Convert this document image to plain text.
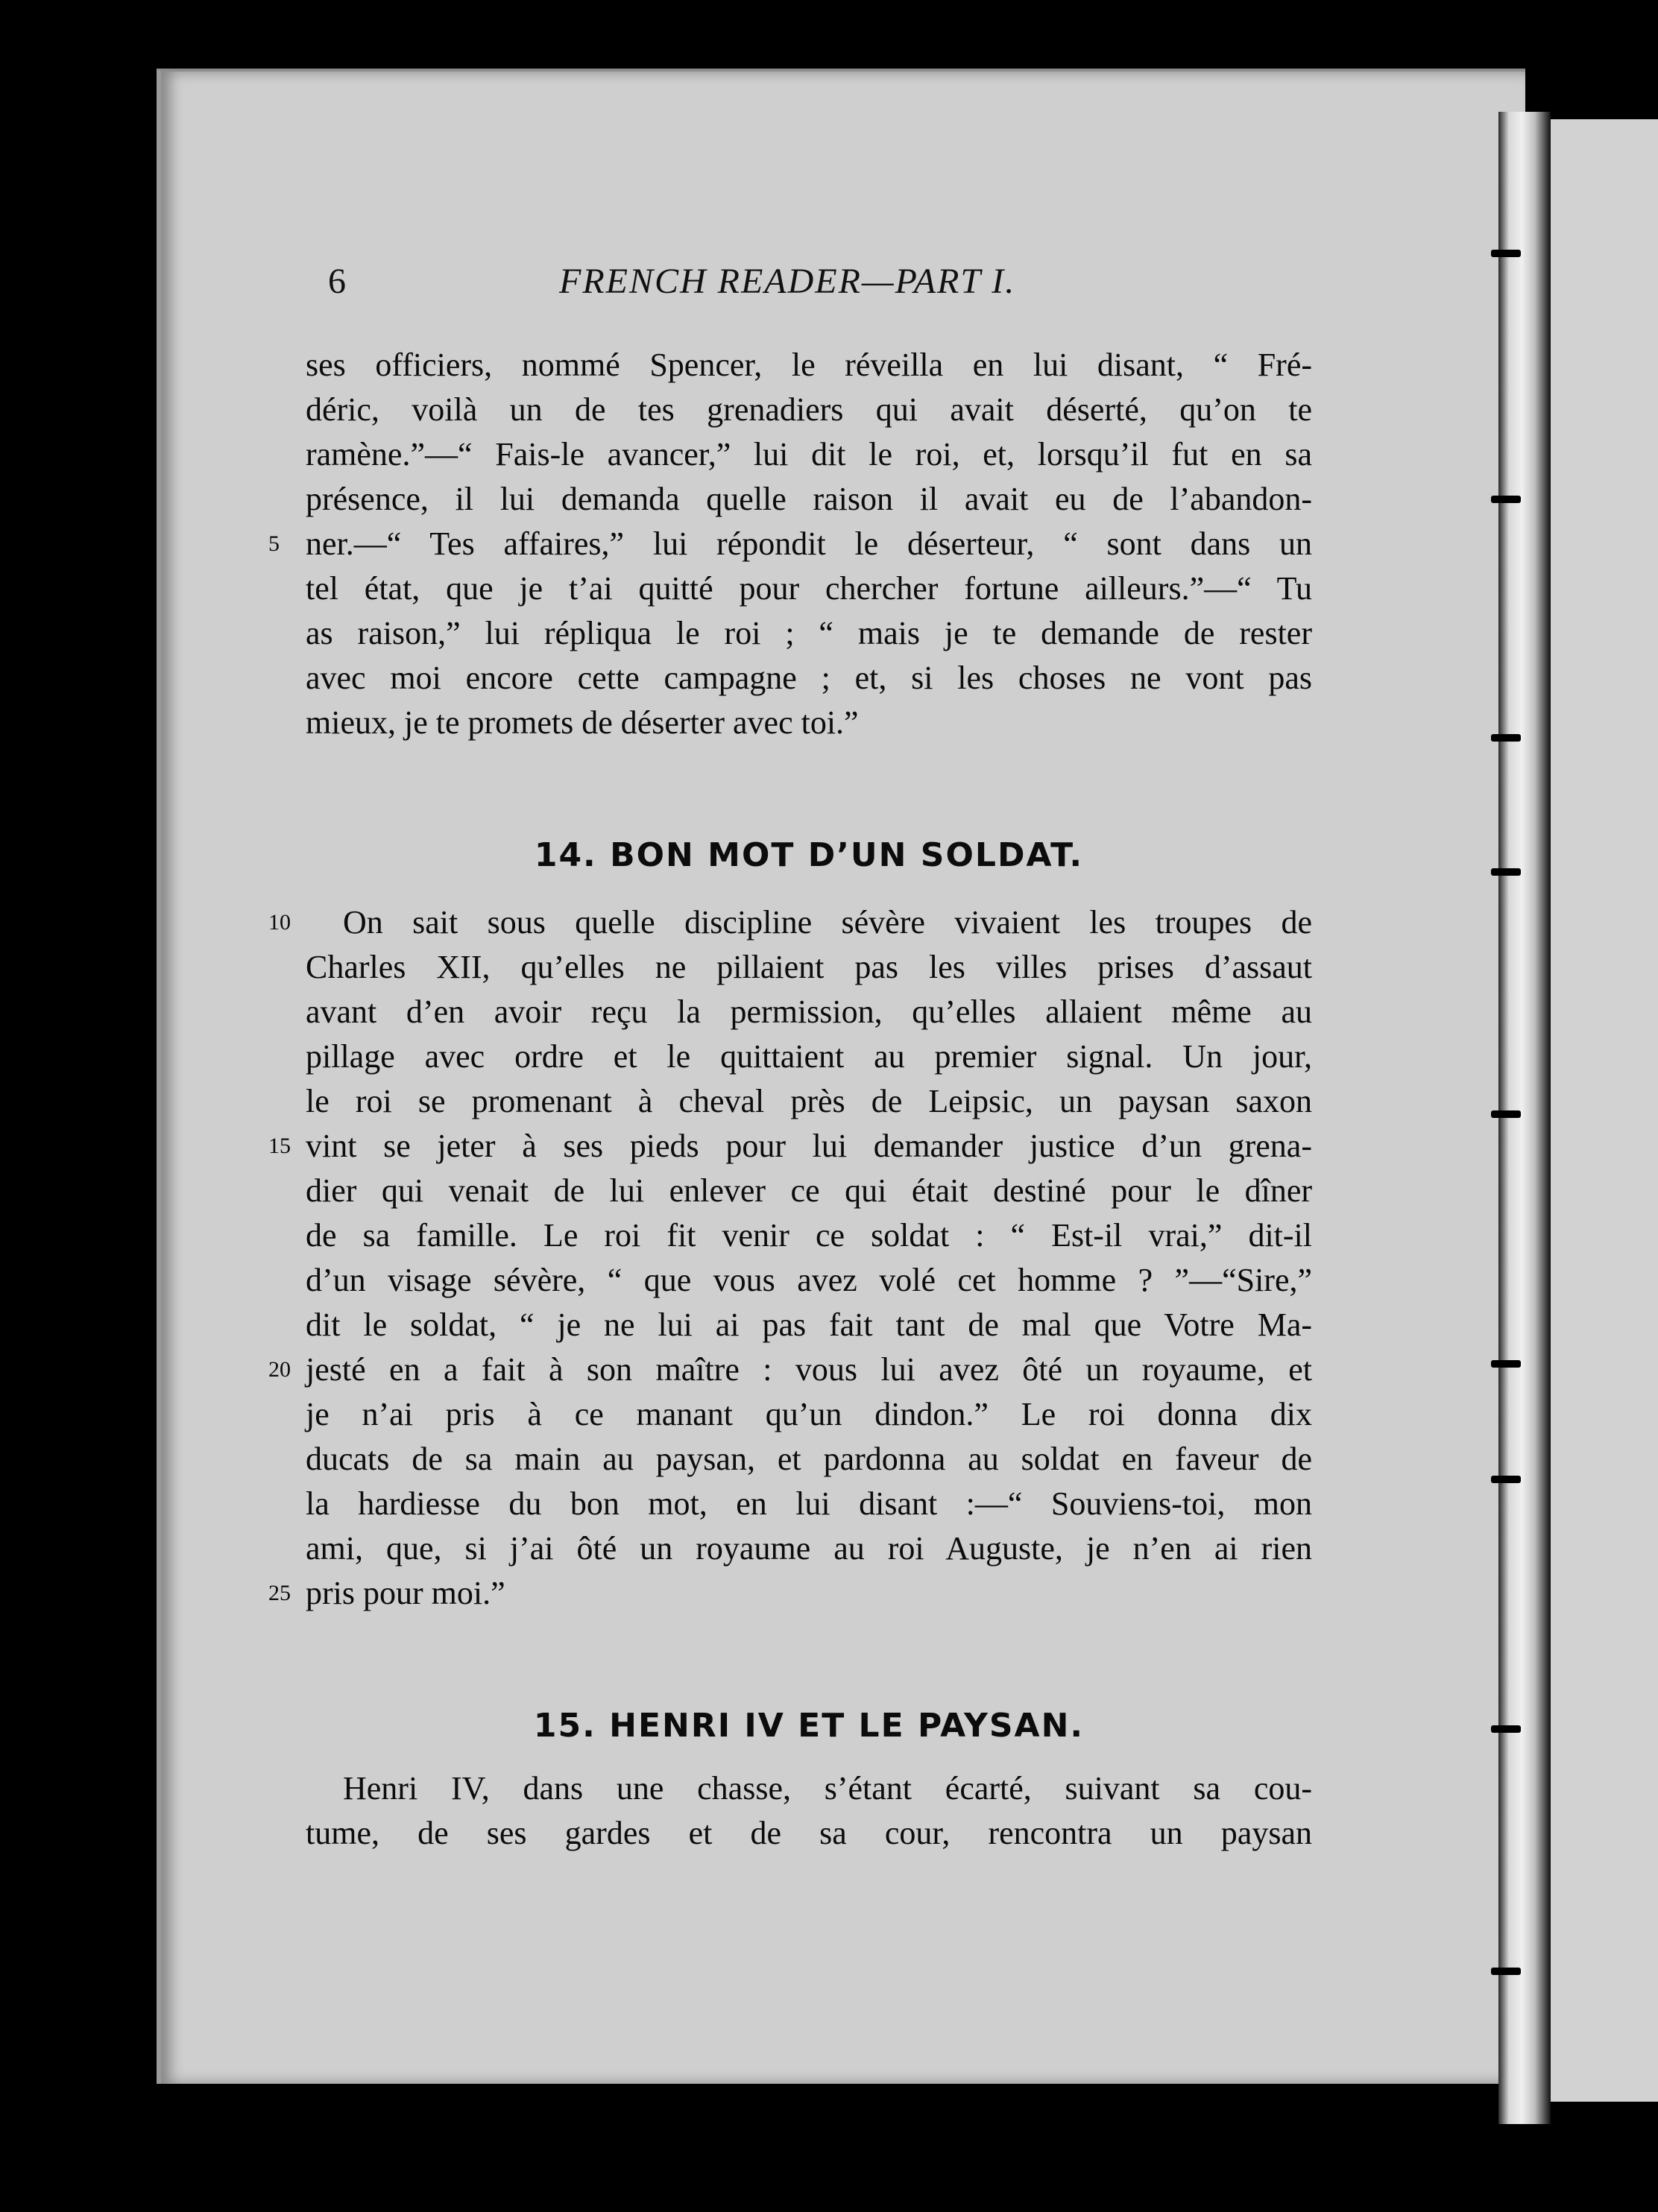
6	FRENCH READER—PART I.
ses officiers, nommé Spencer, le réveilla en lui disant, “ Fré-
déric, voilà un de tes grenadiers qui avait déserté, qu’on te
ramène.”—“ Fais-le avancer,” lui dit le roi, et, lorsqu’il fut en sa
présence, il lui demanda quelle raison il avait eu de l’abandon-
ner.—“ Tes affaires,” lui répondit le déserteur, “ sont dans un
5
tel état, que je t’ai quitté pour chercher fortune ailleurs.”—“ Tu
as raison,” lui répliqua le roi ; “ mais je te demande de rester
avec moi encore cette campagne ; et, si les choses ne vont pas
mieux, je te promets de déserter avec toi.”
14. BON MOT D’UN SOLDAT.
On sait sous quelle discipline sévère vivaient les troupes de
10
Charles XII, qu’elles ne pillaient pas les villes prises d’assaut
avant d’en avoir reçu la permission, qu’elles allaient même au
pillage avec ordre et le quittaient au premier signal. Un jour,
le roi se promenant à cheval près de Leipsic, un paysan saxon
vint se jeter à ses pieds pour lui demander justice d’un grena-
15
dier qui venait de lui enlever ce qui était destiné pour le dîner
de sa famille. Le roi fit venir ce soldat : “ Est-il vrai,” dit-il
d’un visage sévère, “ que vous avez volé cet homme ? ”—“Sire,”
dit le soldat, “ je ne lui ai pas fait tant de mal que Votre Ma-
jesté en a fait à son maître : vous lui avez ôté un royaume, et
20
je n’ai pris à ce manant qu’un dindon.” Le roi donna dix
ducats de sa main au paysan, et pardonna au soldat en faveur de
la hardiesse du bon mot, en lui disant :—“ Souviens-toi, mon
ami, que, si j’ai ôté un royaume au roi Auguste, je n’en ai rien
pris pour moi.”
25
15. HENRI IV ET LE PAYSAN.
Henri IV, dans une chasse, s’étant écarté, suivant sa cou-
tume, de ses gardes et de sa cour, rencontra un paysan
